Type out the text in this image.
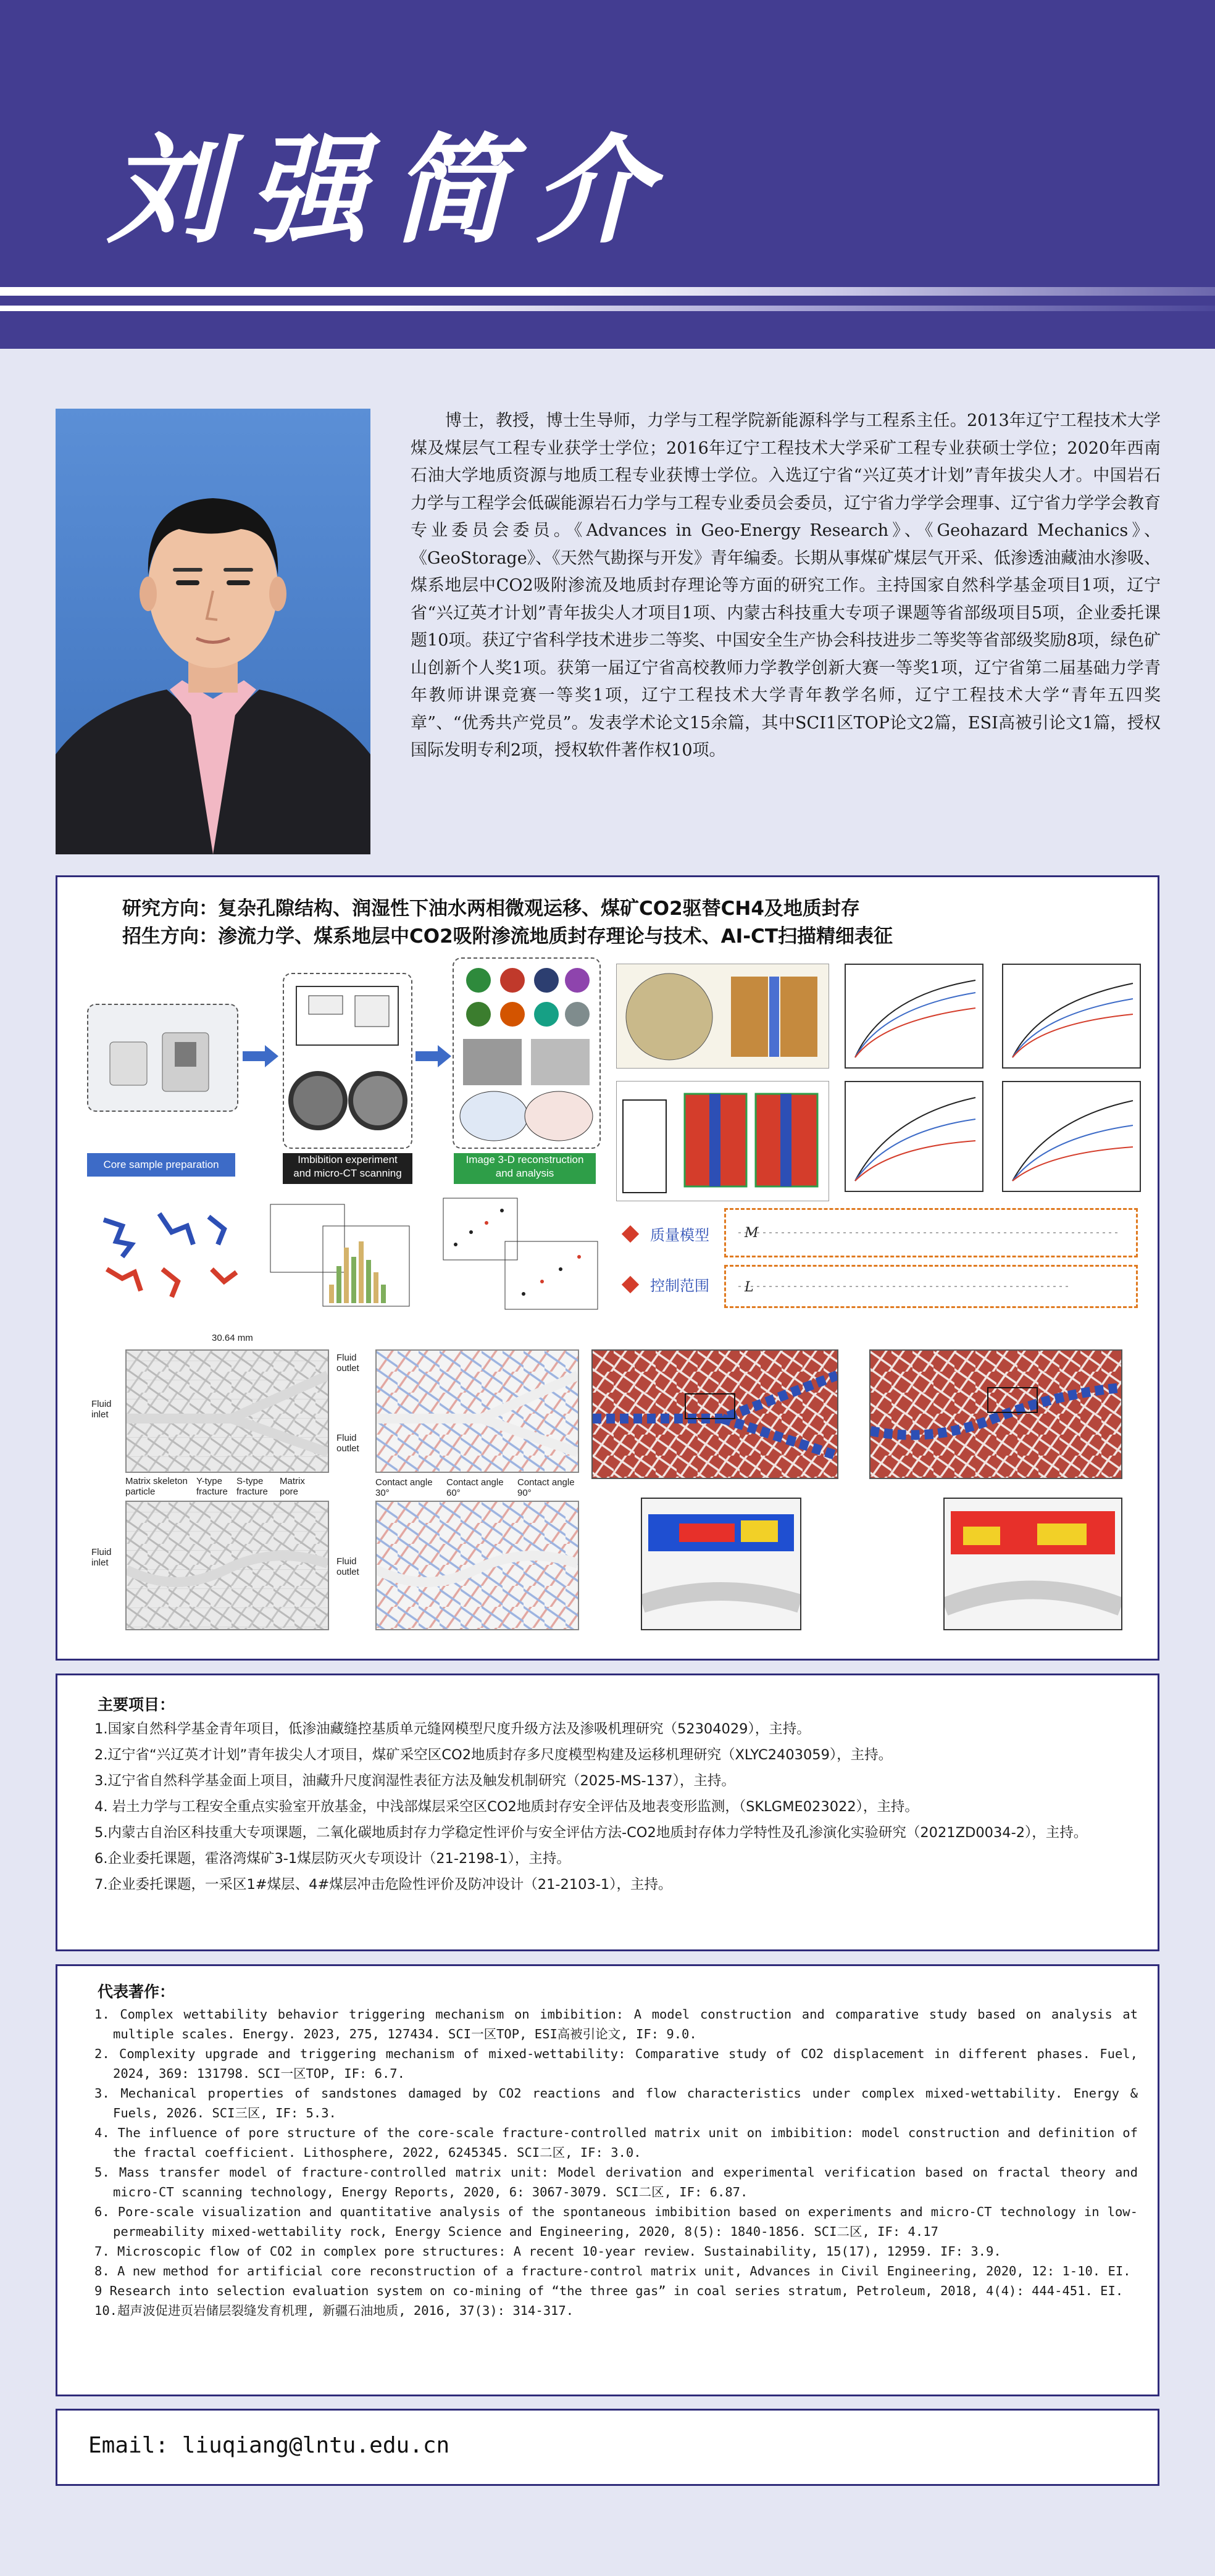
刘强简介

博士，教授，博士生导师，力学与工程学院新能源科学与工程系主任。2013年辽宁工程技术大学煤及煤层气工程专业获学士学位；2016年辽宁工程技术大学采矿工程专业获硕士学位；2020年西南石油大学地质资源与地质工程专业获博士学位。入选辽宁省“兴辽英才计划”青年拔尖人才。中国岩石力学与工程学会低碳能源岩石力学与工程专业委员会委员，辽宁省力学学会理事、辽宁省力学学会教育专业委员会委员。《Advances in Geo-Energy Research》、《Geohazard Mechanics》、《GeoStorage》、《天然气勘探与开发》青年编委。长期从事煤矿煤层气开采、低渗透油藏油水渗吸、煤系地层中CO2吸附渗流及地质封存理论等方面的研究工作。主持国家自然科学基金项目1项，辽宁省“兴辽英才计划”青年拔尖人才项目1项、内蒙古科技重大专项子课题等省部级项目5项，企业委托课题10项。获辽宁省科学技术进步二等奖、中国安全生产协会科技进步二等奖等省部级奖励8项，绿色矿山创新个人奖1项。获第一届辽宁省高校教师力学教学创新大赛一等奖1项，辽宁省第二届基础力学青年教师讲课竞赛一等奖1项，辽宁工程技术大学青年教学名师，辽宁工程技术大学“青年五四奖章”、“优秀共产党员”。发表学术论文15余篇，其中SCI1区TOP论文2篇，ESI高被引论文1篇，授权国际发明专利2项，授权软件著作权10项。

研究方向：复杂孔隙结构、润湿性下油水两相微观运移、煤矿CO2驱替CH4及地质封存
招生方向：渗流力学、煤系地层中CO2吸附渗流地质封存理论与技术、AI-CT扫描精细表征
Core sample preparation	Imbibition experiment
and micro-CT scanning
Image 3-D reconstruction
and analysis
质量模型
控制范围
M
L
30.64 mm
Fluid outlet
Fluid inlet
Fluid outlet
Matrix skeleton particle
Y-type fracture
S-type fracture
Matrix pore
Fluid inlet	Fluid outlet
Contact angle 30°
Contact angle 60°
Contact angle 90°
主要项目：
1.国家自然科学基金青年项目，低渗油藏缝控基质单元缝网模型尺度升级方法及渗吸机理研究（52304029），主持。
2.辽宁省“兴辽英才计划”青年拔尖人才项目，煤矿采空区CO2地质封存多尺度模型构建及运移机理研究（XLYC2403059），主持。
3.辽宁省自然科学基金面上项目，油藏升尺度润湿性表征方法及触发机制研究（2025-MS-137），主持。
4. 岩土力学与工程安全重点实验室开放基金，中浅部煤层采空区CO2地质封存安全评估及地表变形监测，（SKLGME023022），主持。
5.内蒙古自治区科技重大专项课题，二氧化碳地质封存力学稳定性评价与安全评估方法-CO2地质封存体力学特性及孔渗演化实验研究（2021ZD0034-2），主持。
6.企业委托课题，霍洛湾煤矿3-1煤层防灭火专项设计（21-2198-1），主持。
7.企业委托课题，一采区1#煤层、4#煤层冲击危险性评价及防冲设计（21-2103-1），主持。
代表著作：
1. Complex wettability behavior triggering mechanism on imbibition: A model construction and comparative study based on analysis at multiple scales. Energy. 2023, 275, 127434. SCI一区TOP, ESI高被引论文, IF: 9.0.
2. Complexity upgrade and triggering mechanism of mixed-wettability: Comparative study of CO2 displacement in different phases. Fuel, 2024, 369: 131798. SCI一区TOP, IF: 6.7.
3. Mechanical properties of sandstones damaged by CO2 reactions and flow characteristics under complex mixed-wettability. Energy & Fuels, 2026. SCI三区, IF: 5.3.
4. The influence of pore structure of the core-scale fracture-controlled matrix unit on imbibition: model construction and definition of the fractal coefficient. Lithosphere, 2022, 6245345. SCI二区, IF: 3.0.
5. Mass transfer model of fracture-controlled matrix unit: Model derivation and experimental verification based on fractal theory and micro-CT scanning technology, Energy Reports, 2020, 6: 3067-3079. SCI二区, IF: 6.87.
6. Pore-scale visualization and quantitative analysis of the spontaneous imbibition based on experiments and micro-CT technology in low-permeability mixed-wettability rock, Energy Science and Engineering, 2020, 8(5): 1840-1856. SCI二区, IF: 4.17
7. Microscopic flow of CO2 in complex pore structures: A recent 10-year review. Sustainability, 15(17), 12959. IF: 3.9.
8. A new method for artificial core reconstruction of a fracture-control matrix unit, Advances in Civil Engineering, 2020, 12: 1-10. EI.
9 Research into selection evaluation system on co-mining of “the three gas” in coal series stratum, Petroleum, 2018, 4(4): 444-451. EI.
10.超声波促进页岩储层裂缝发育机理, 新疆石油地质, 2016, 37(3): 314-317.
Email: liuqiang@lntu.edu.cn
